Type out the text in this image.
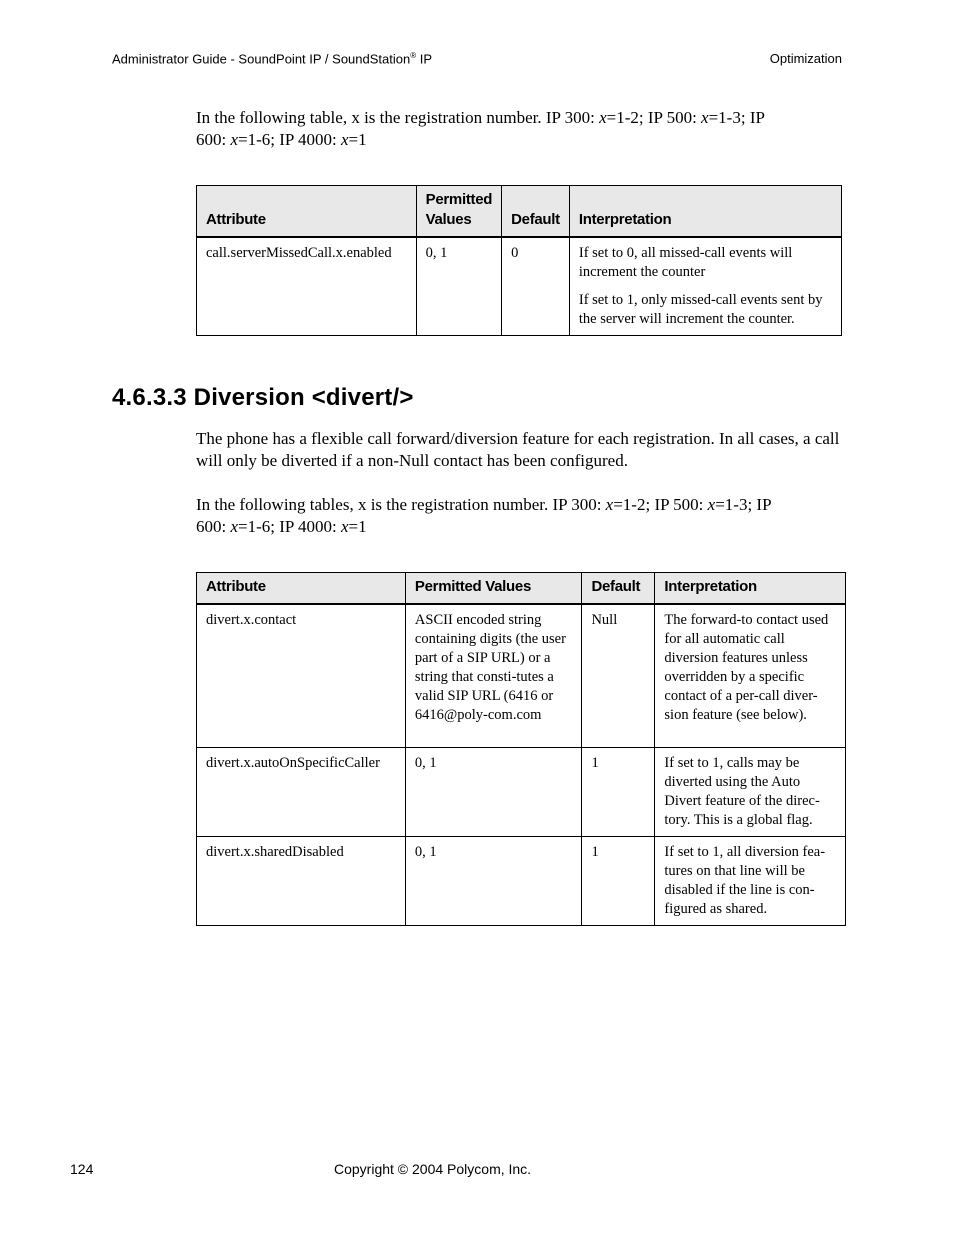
Administrator Guide - SoundPoint IP / SoundStation® IP	Optimization
In the following table, x is the registration number. IP 300: x=1-2; IP 500: x=1-3; IP
600: x=1-6; IP 4000: x=1
Attribute	Permitted Values	Default	Interpretation
call.serverMissedCall.x.enabled	0, 1	0	If set to 0, all missed-call events will increment the counter

If set to 1, only missed-call events sent by the server will increment the counter.

4.6.3.3 Diversion <divert/>
The phone has a flexible call forward/diversion feature for each registration. In all cases, a call will only be diverted if a non-Null contact has been configured.
In the following tables, x is the registration number. IP 300: x=1-2; IP 500: x=1-3; IP
600: x=1-6; IP 4000: x=1
Attribute	Permitted Values	Default	Interpretation
divert.x.contact	ASCII encoded string containing digits (the user part of a SIP URL) or a string that consti-tutes a valid SIP URL (6416 or 6416@poly-com.com	Null	The forward-to contact used for all automatic call diversion features unless overridden by a specific contact of a per-call diver-sion feature (see below).
divert.x.autoOnSpecificCaller	0, 1	1	If set to 1, calls may be diverted using the Auto Divert feature of the direc-tory. This is a global flag.
divert.x.sharedDisabled	0, 1	1	If set to 1, all diversion fea-tures on that line will be disabled if the line is con-figured as shared.
124	Copyright © 2004 Polycom, Inc.
